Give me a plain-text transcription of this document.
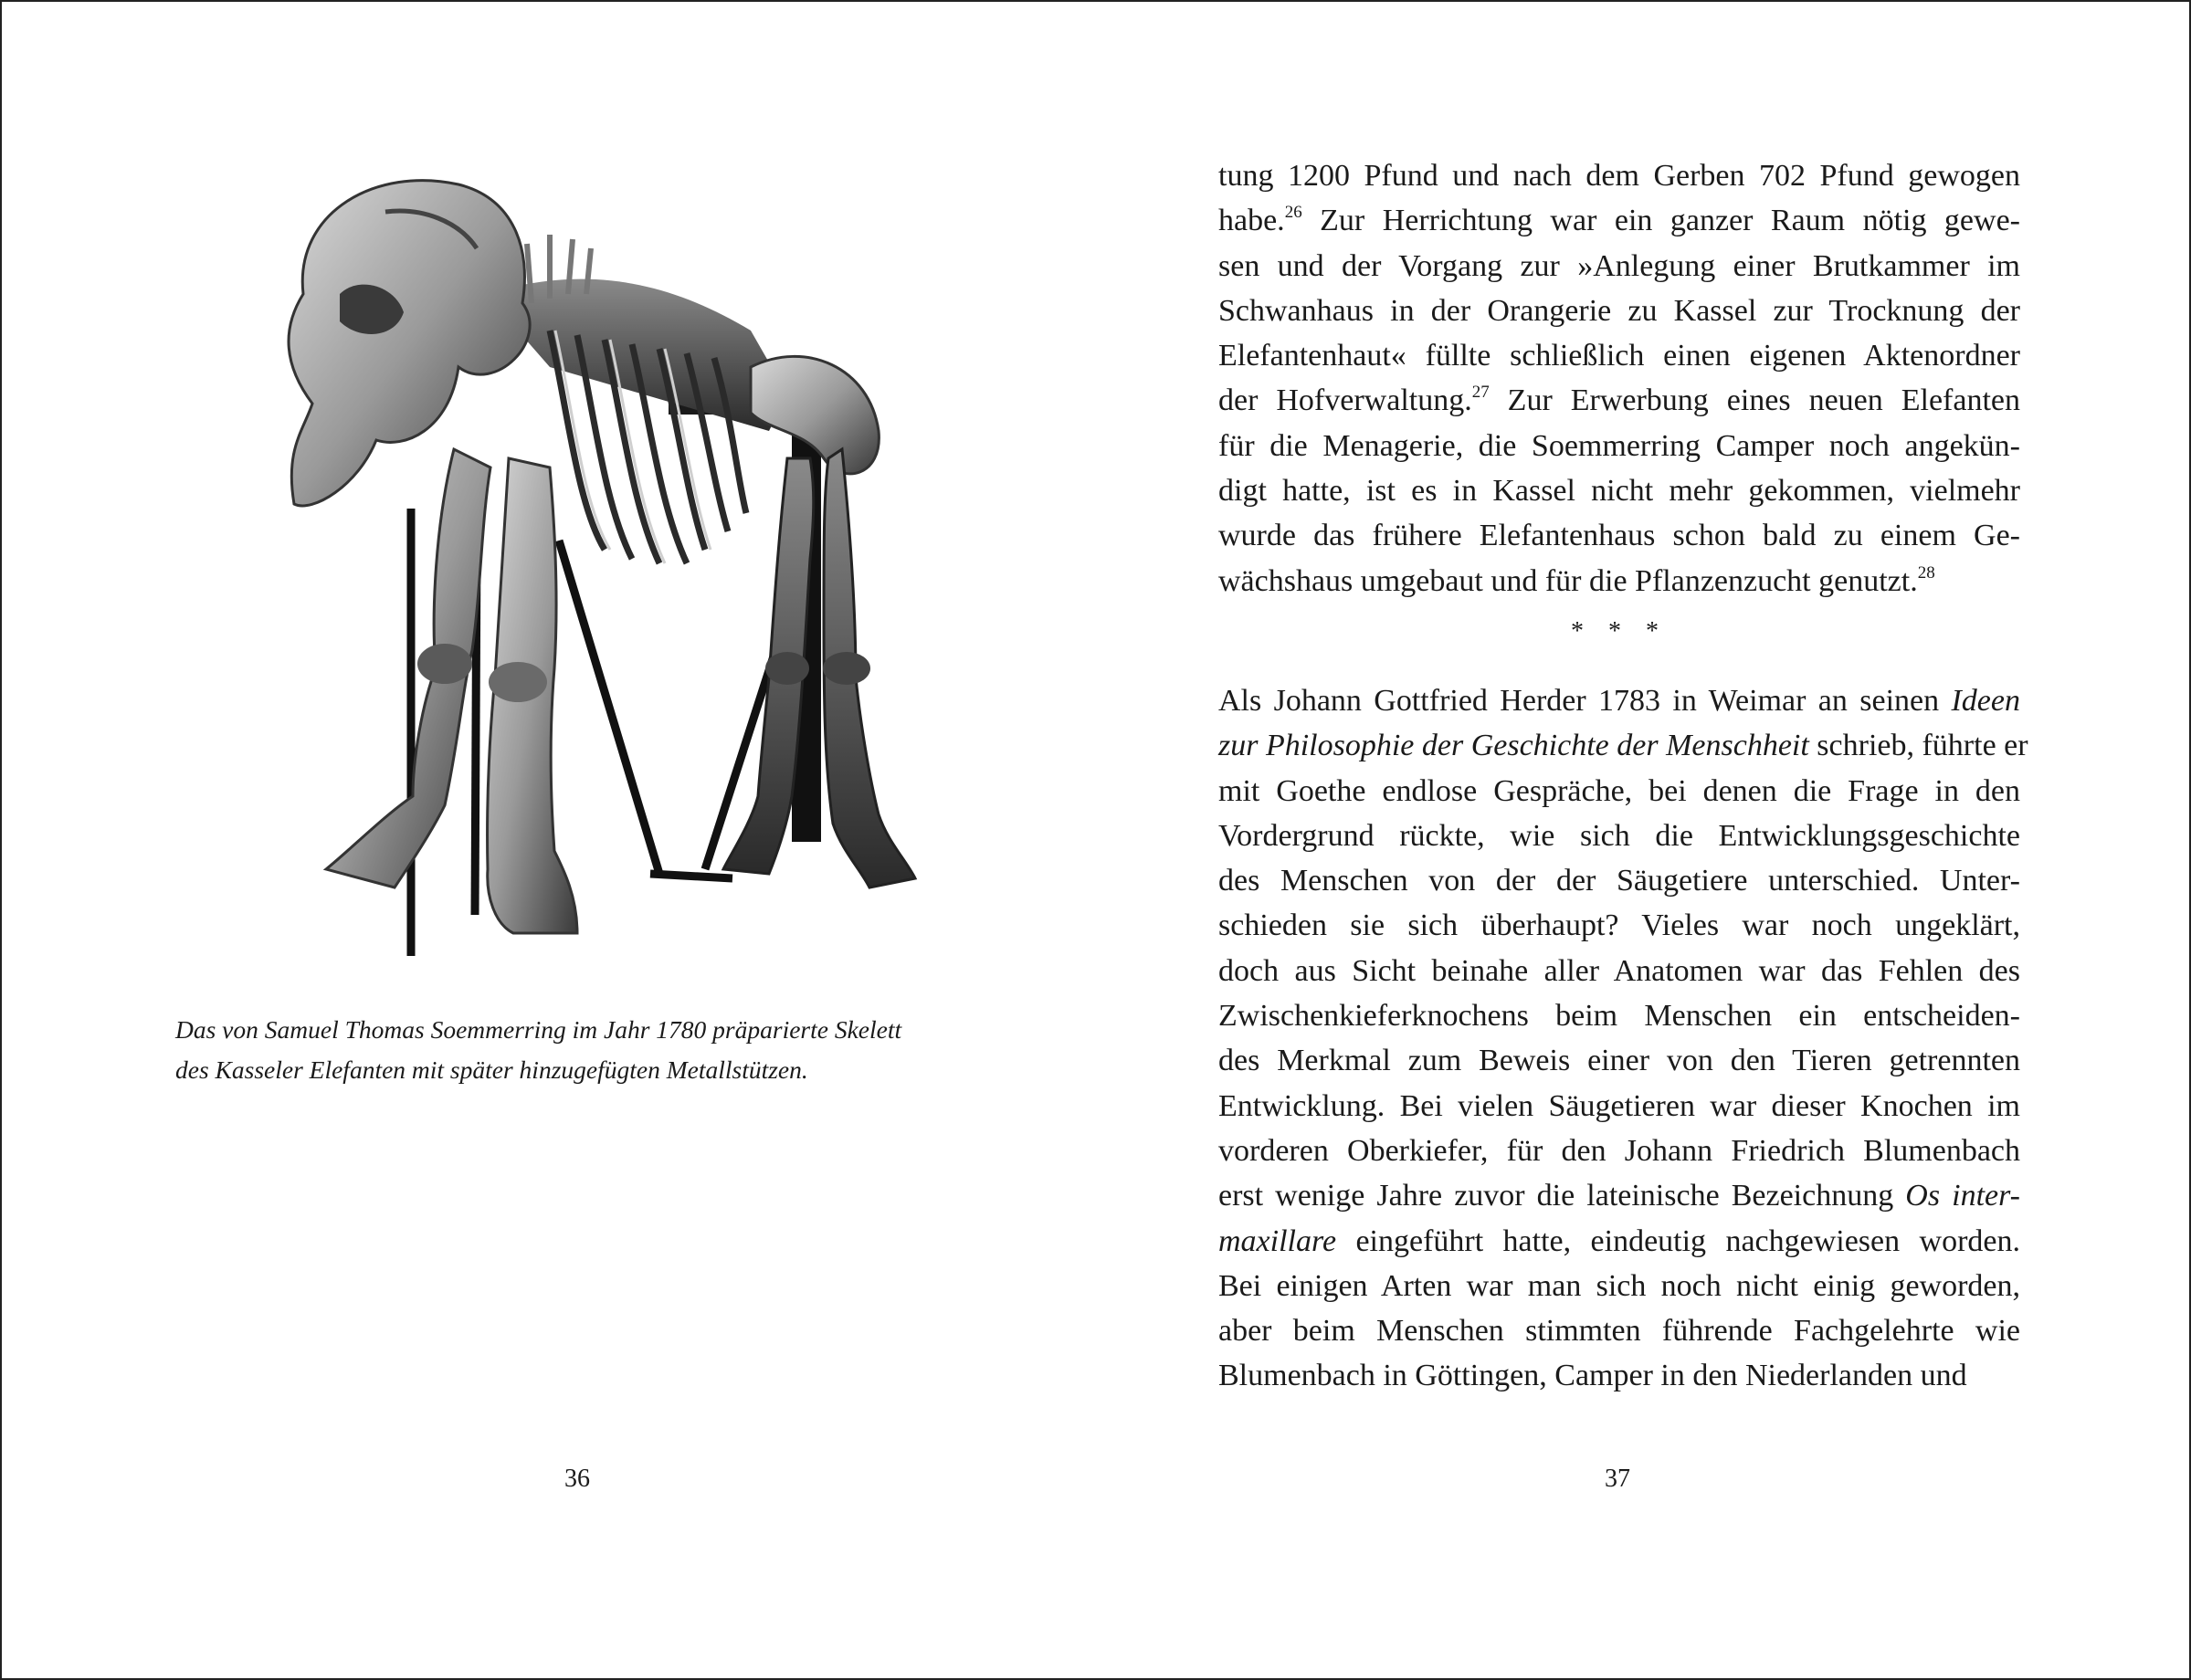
Das von Samuel Thomas Soemmerring im Jahr 1780 präparierte Skelett

des Kasseler Elefanten mit später hinzugefügten Metallstützen.

36
tung 1200 Pfund und nach dem Gerben 702 Pfund gewogen
habe.$^{26}$ Zur Herrichtung war ein ganzer Raum nötig gewe-
sen und der Vorgang zur »Anlegung einer Brutkammer im
Schwanhaus in der Orangerie zu Kassel zur Trocknung der
Elefantenhaut« füllte schließlich einen eigenen Aktenordner
der Hofverwaltung.$^{27}$ Zur Erwerbung eines neuen Elefanten
für die Menagerie, die Soemmerring Camper noch angekün-
digt hatte, ist es in Kassel nicht mehr gekommen, vielmehr
wurde das frühere Elefantenhaus schon bald zu einem Ge-
wächshaus umgebaut und für die Pflanzenzucht genutzt.$^{28}$
* * *
Als Johann Gottfried Herder 1783 in Weimar an seinen Ideen
zur Philosophie der Geschichte der Menschheit schrieb, führte er
mit Goethe endlose Gespräche, bei denen die Frage in den
Vordergrund rückte, wie sich die Entwicklungsgeschichte
des Menschen von der der Säugetiere unterschied. Unter-
schieden sie sich überhaupt? Vieles war noch ungeklärt,
doch aus Sicht beinahe aller Anatomen war das Fehlen des
Zwischenkieferknochens beim Menschen ein entscheiden-
des Merkmal zum Beweis einer von den Tieren getrennten
Entwicklung. Bei vielen Säugetieren war dieser Knochen im
vorderen Oberkiefer, für den Johann Friedrich Blumenbach
erst wenige Jahre zuvor die lateinische Bezeichnung Os inter-
maxillare eingeführt hatte, eindeutig nachgewiesen worden.
Bei einigen Arten war man sich noch nicht einig geworden,
aber beim Menschen stimmten führende Fachgelehrte wie
Blumenbach in Göttingen, Camper in den Niederlanden und
37
